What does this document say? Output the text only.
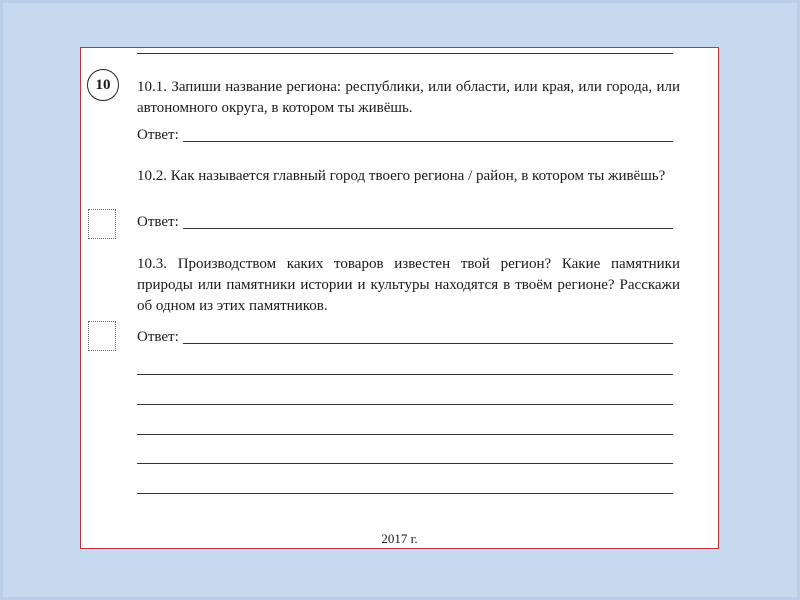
10	10.1. Запиши название региона: республики, или области, или края, или города, или автономного округа, в котором ты живёшь.

Ответ:

10.2. Как называется главный город твоего региона / район, в котором ты живёшь?

Ответ:

10.3. Производством каких товаров известен твой регион? Какие памятники природы или памятники истории и культуры находятся в твоём регионе? Расскажи об одном из этих памятников.

Ответ:
2017 г.
